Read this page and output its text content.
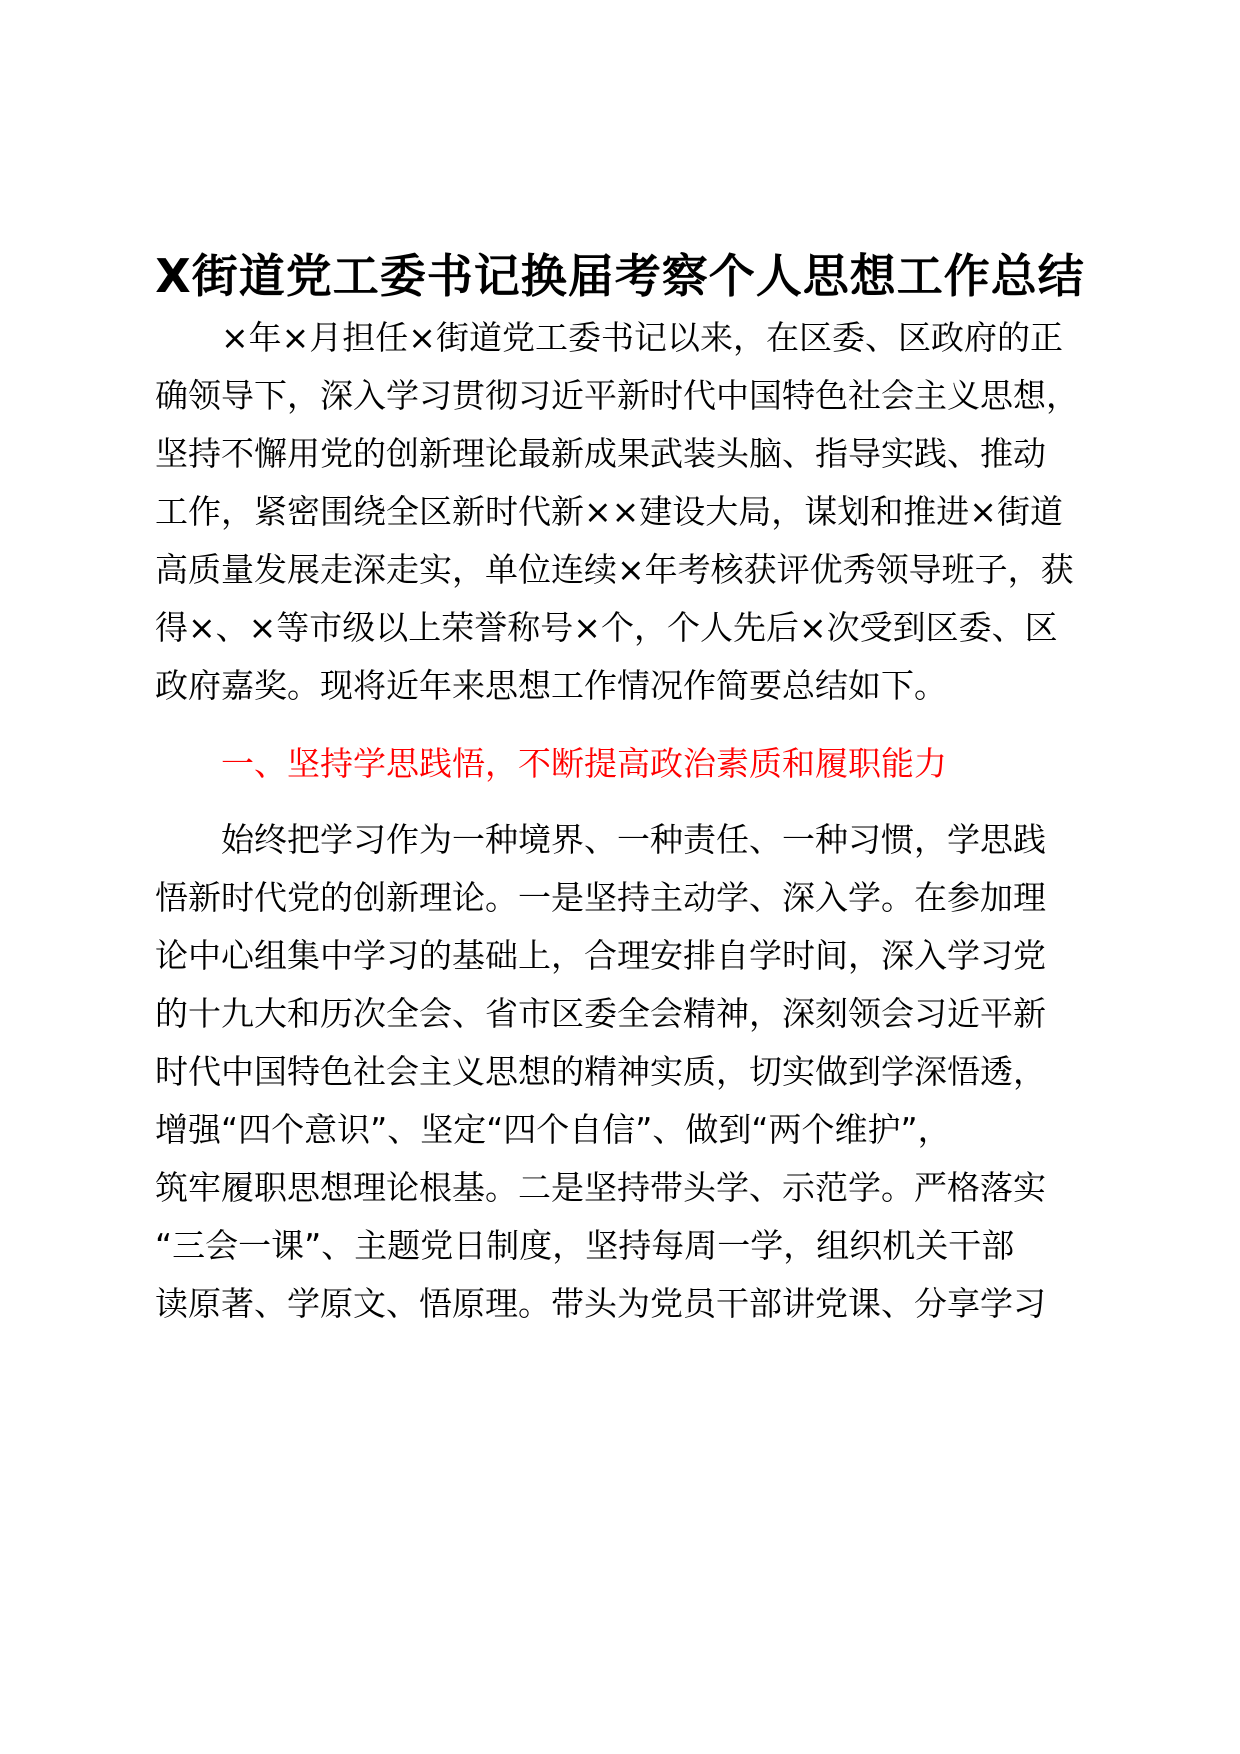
X街道党工委书记换届考察个人思想工作总结
×年×月担任×街道党工委书记以来，在区委、区政府的正
确领导下，深入学习贯彻习近平新时代中国特色社会主义思想，
坚持不懈用党的创新理论最新成果武装头脑、指导实践、推动
工作，紧密围绕全区新时代新××建设大局，谋划和推进×街道
高质量发展走深走实，单位连续×年考核获评优秀领导班子，获
得×、×等市级以上荣誉称号×个，个人先后×次受到区委、区
政府嘉奖。现将近年来思想工作情况作简要总结如下。
一、坚持学思践悟，不断提高政治素质和履职能力
始终把学习作为一种境界、一种责任、一种习惯，学思践
悟新时代党的创新理论。一是坚持主动学、深入学。在参加理
论中心组集中学习的基础上，合理安排自学时间，深入学习党
的十九大和历次全会、省市区委全会精神，深刻领会习近平新
时代中国特色社会主义思想的精神实质，切实做到学深悟透，
增强“四个意识”、坚定“四个自信”、做到“两个维护”，
筑牢履职思想理论根基。二是坚持带头学、示范学。严格落实
“三会一课”、主题党日制度，坚持每周一学，组织机关干部
读原著、学原文、悟原理。带头为党员干部讲党课、分享学习
